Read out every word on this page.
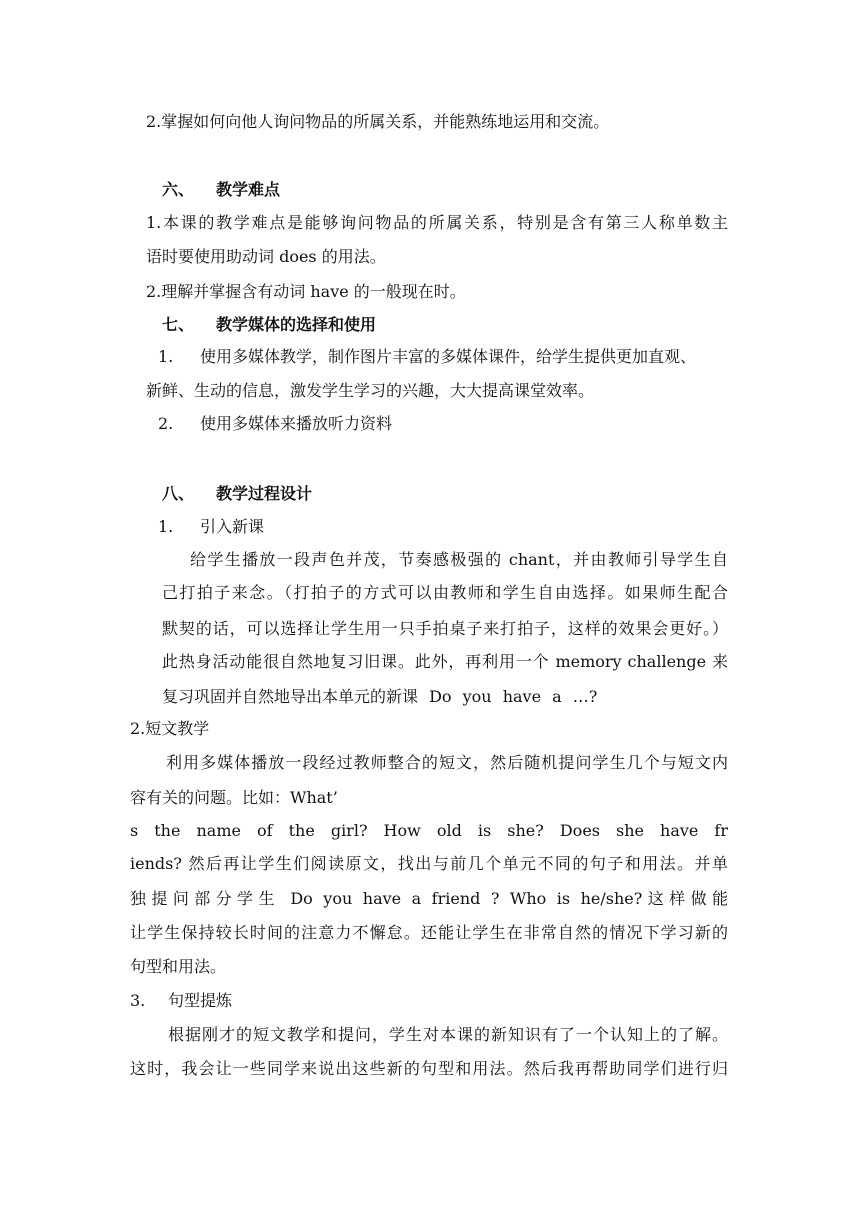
2.掌握如何向他人询问物品的所属关系，并能熟练地运用和交流。
六、 教学难点
1.本课的教学难点是能够询问物品的所属关系，特别是含有第三人称单数主
语时要使用助动词 does 的用法。
2.理解并掌握含有动词 have 的一般现在时。
七、 教学媒体的选择和使用
1. 使用多媒体教学，制作图片丰富的多媒体课件，给学生提供更加直观、
新鲜、生动的信息，激发学生学习的兴趣，大大提高课堂效率。
2. 使用多媒体来播放听力资料
八、 教学过程设计
1. 引入新课
给学生播放一段声色并茂，节奏感极强的 chant，并由教师引导学生自
己打拍子来念。（打拍子的方式可以由教师和学生自由选择。如果师生配合
默契的话，可以选择让学生用一只手拍桌子来打拍子，这样的效果会更好。）
此热身活动能很自然地复习旧课。此外，再利用一个 memory challenge 来
复习巩固并自然地导出本单元的新课 Do you have a …?
2.短文教学
利用多媒体播放一段经过教师整合的短文，然后随机提问学生几个与短文内
容有关的问题。比如：What’
s the name of the girl? How old is she? Does she have fr
iends? 然后再让学生们阅读原文，找出与前几个单元不同的句子和用法。并单
独提问部分学生 Do you have a friend ? Who is he/she?这样做能
让学生保持较长时间的注意力不懈怠。还能让学生在非常自然的情况下学习新的
句型和用法。
3. 句型提炼
根据刚才的短文教学和提问，学生对本课的新知识有了一个认知上的了解。
这时，我会让一些同学来说出这些新的句型和用法。然后我再帮助同学们进行归
